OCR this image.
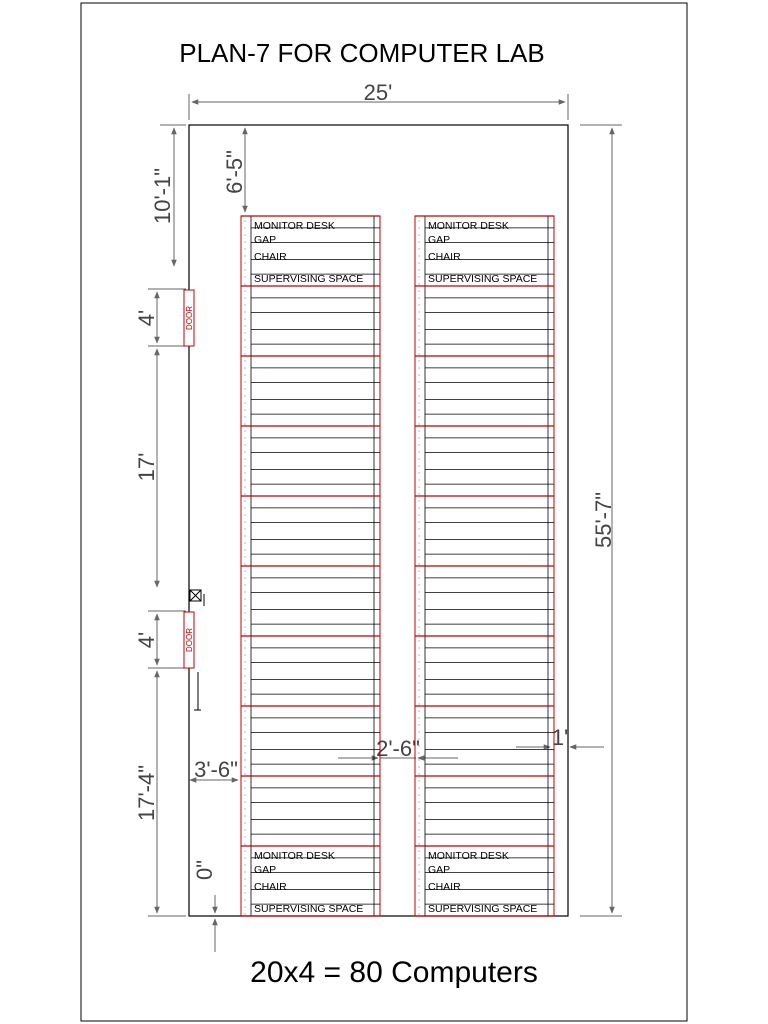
PLAN-7 FOR COMPUTER LAB
25'
55'-7"
10'-1" 6'-5"
4'
17'
4'
17'-4"
0"
DOOR
DOOR
3'-6"
2'-6"	1'
MONITOR DESK
GAP
CHAIR
SUPERVISING SPACE
MONITOR DESK
GAP
CHAIR
SUPERVISING SPACE
MONITOR DESK
GAP
CHAIR
SUPERVISING SPACE
MONITOR DESK
GAP
CHAIR
SUPERVISING SPACE
20x4 = 80 Computers
